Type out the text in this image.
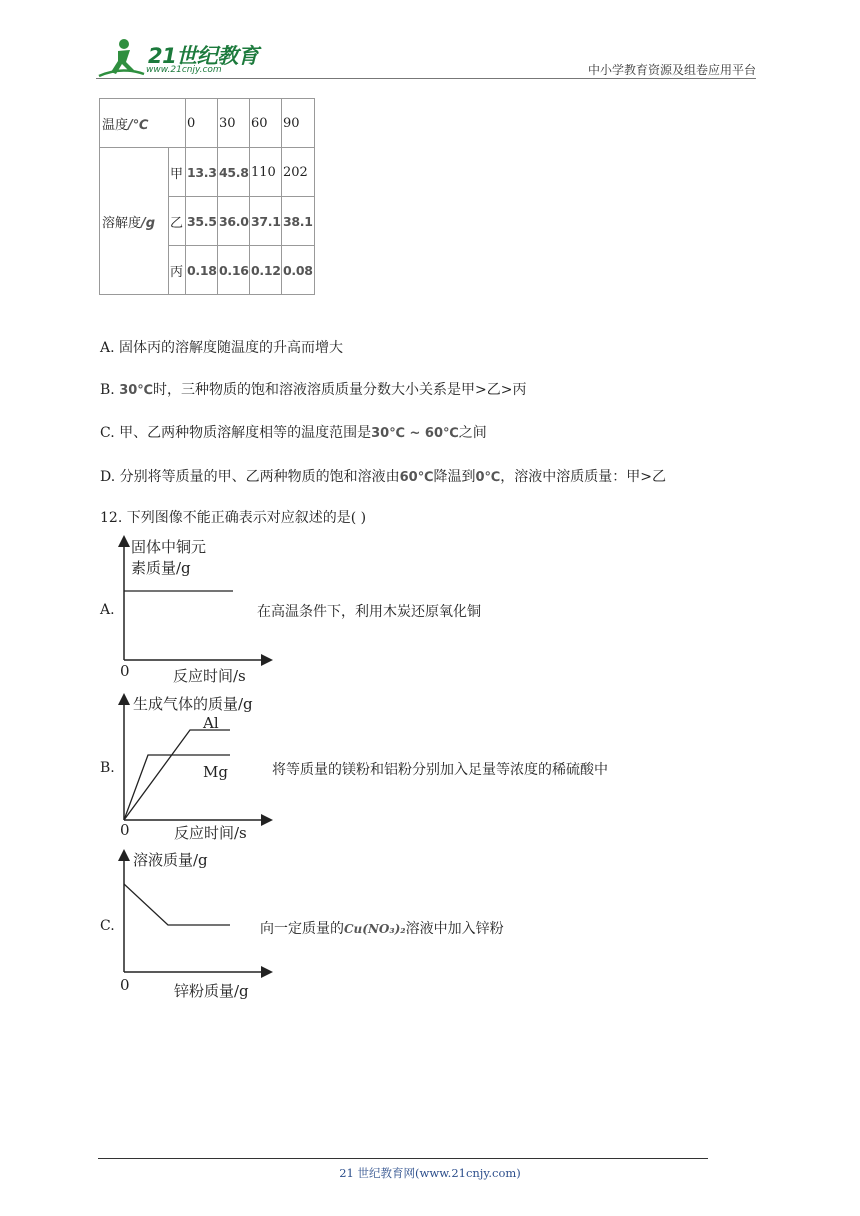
21世纪教育
www.21cnjy.com	中小学教育资源及组卷应用平台
温度/℃		0	30	60	90
溶解度/g	甲	13.3	45.8	110	202
	乙	35.5	36.0	37.1	38.1
	丙	0.18	0.16	0.12	0.08
A. 固体丙的溶解度随温度的升高而增大
B. 30℃时，三种物质的饱和溶液溶质质量分数大小关系是甲>乙>丙
C. 甲、乙两种物质溶解度相等的温度范围是30℃ ~ 60℃之间
D. 分别将等质量的甲、乙两种物质的饱和溶液由60℃降温到0℃，溶液中溶质质量：甲>乙
12. 下列图像不能正确表示对应叙述的是( )
A.
固体中铜元
素质量/g
0	反应时间/s
在高温条件下，利用木炭还原氧化铜
B.
生成气体的质量/g
Al
Mg
0	反应时间/s
将等质量的镁粉和铝粉分别加入足量等浓度的稀硫酸中
C.
溶液质量/g
0	锌粉质量/g
向一定质量的Cu(NO₃)₂溶液中加入锌粉
21 世纪教育网(www.21cnjy.com)
